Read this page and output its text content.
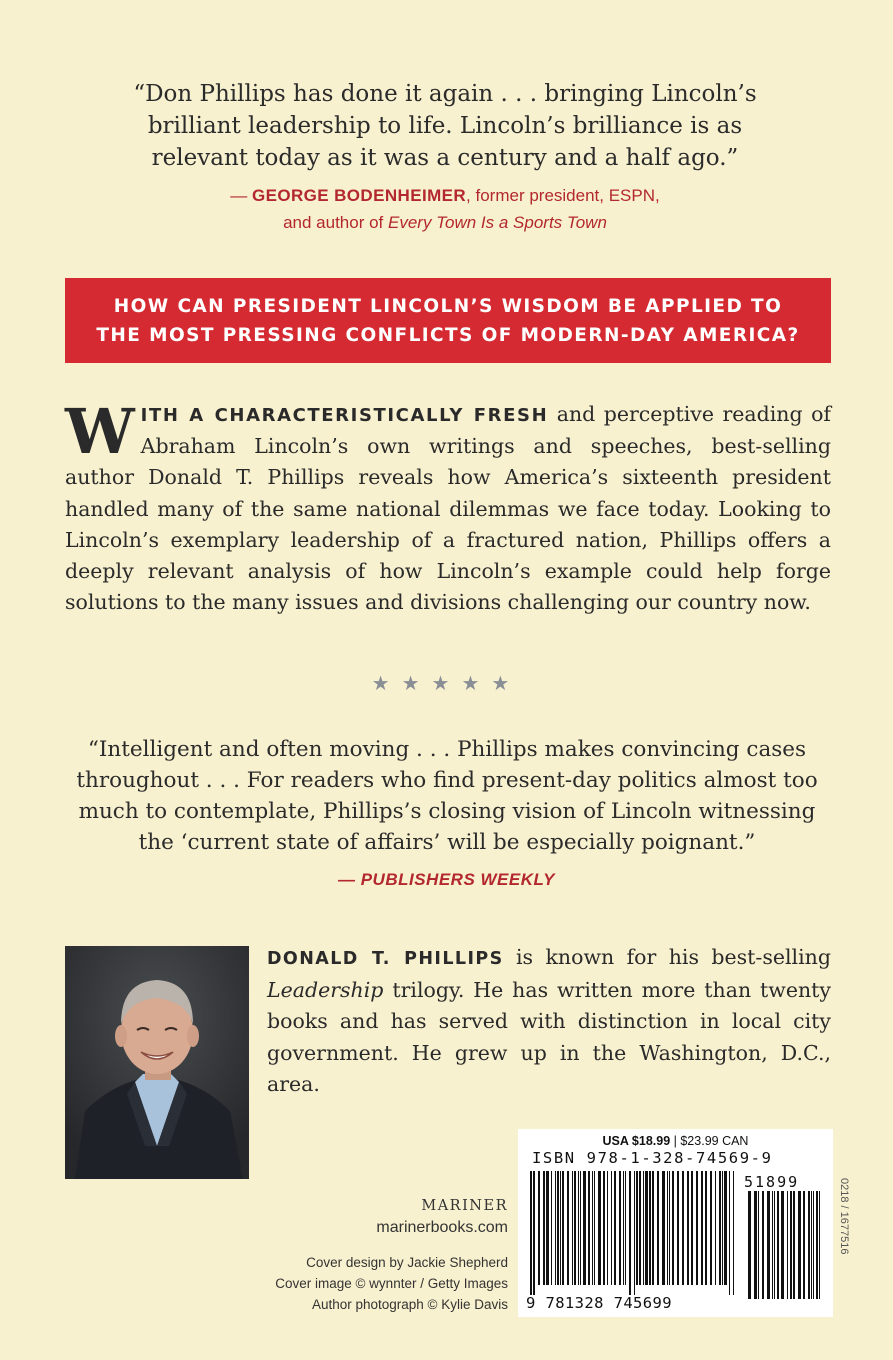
“Don Phillips has done it again . . . bringing Lincoln’s brilliant leadership to life. Lincoln’s brilliance is as relevant today as it was a century and a half ago.”
— GEORGE BODENHEIMER, former president, ESPN,
and author of Every Town Is a Sports Town
HOW CAN PRESIDENT LINCOLN’S WISDOM BE APPLIED TO
THE MOST PRESSING CONFLICTS OF MODERN-DAY AMERICA?
WITH A CHARACTERISTICALLY FRESH and perceptive reading of Abraham Lincoln’s own writings and speeches, best-selling author Donald T. Phillips reveals how America’s sixteenth president handled many of the same national dilemmas we face today. Looking to Lincoln’s exemplary leadership of a fractured nation, Phillips offers a deeply relevant analysis of how Lincoln’s example could help forge solutions to the many issues and divisions challenging our country now.
★★★★★
“Intelligent and often moving . . . Phillips makes convincing cases throughout . . . For readers who find present-day politics almost too much to contemplate, Phillips’s closing vision of Lincoln witnessing the ‘current state of affairs’ will be especially poignant.”
— PUBLISHERS WEEKLY
DONALD T. PHILLIPS is known for his best-selling Leadership trilogy. He has written more than twenty books and has served with distinction in local city government. He grew up in the Washington, D.C., area.
MARINER
marinerbooks.com
Cover design by Jackie Shepherd
Cover image © wynnter / Getty Images
Author photograph © Kylie Davis
USA $18.99 | $23.99 CAN
ISBN 978-1-328-74569-9
51899
9 781328 745699
0218 / 1677516
